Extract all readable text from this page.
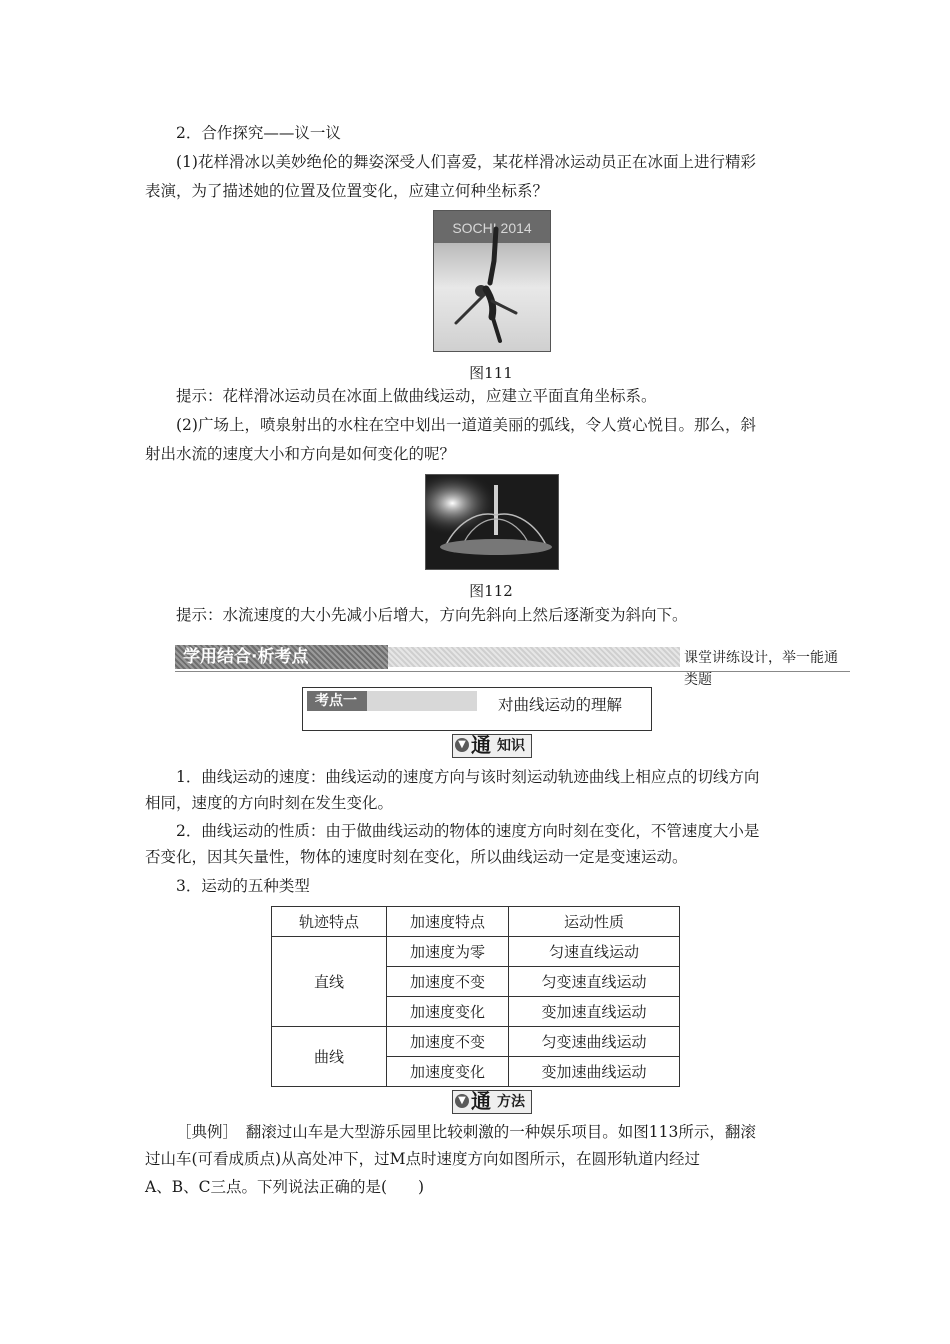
2．合作探究——议一议
(1)花样滑冰以美妙绝伦的舞姿深受人们喜爱，某花样滑冰运动员正在冰面上进行精彩
表演，为了描述她的位置及位置变化，应建立何种坐标系？
SOCHI 2014
图111
提示：花样滑冰运动员在冰面上做曲线运动，应建立平面直角坐标系。
(2)广场上，喷泉射出的水柱在空中划出一道道美丽的弧线，令人赏心悦目。那么，斜
射出水流的速度大小和方向是如何变化的呢？
图112
提示：水流速度的大小先减小后增大，方向先斜向上然后逐渐变为斜向下。
学用结合·析考点	课堂讲练设计，举一能通类题
考点一	对曲线运动的理解
▼ 通 知识
1．曲线运动的速度：曲线运动的速度方向与该时刻运动轨迹曲线上相应点的切线方向
相同，速度的方向时刻在发生变化。
2．曲线运动的性质：由于做曲线运动的物体的速度方向时刻在变化，不管速度大小是
否变化，因其矢量性，物体的速度时刻在变化，所以曲线运动一定是变速运动。
3．运动的五种类型
轨迹特点	加速度特点	运动性质
直线	加速度为零	匀速直线运动
	加速度不变	匀变速直线运动
	加速度变化	变加速直线运动
曲线	加速度不变	匀变速曲线运动
	加速度变化	变加速曲线运动
▼ 通 方法
［典例］　翻滚过山车是大型游乐园里比较刺激的一种娱乐项目。如图113所示，翻滚
过山车(可看成质点)从高处冲下，过M点时速度方向如图所示，在圆形轨道内经过
A、B、C三点。下列说法正确的是(　　)
